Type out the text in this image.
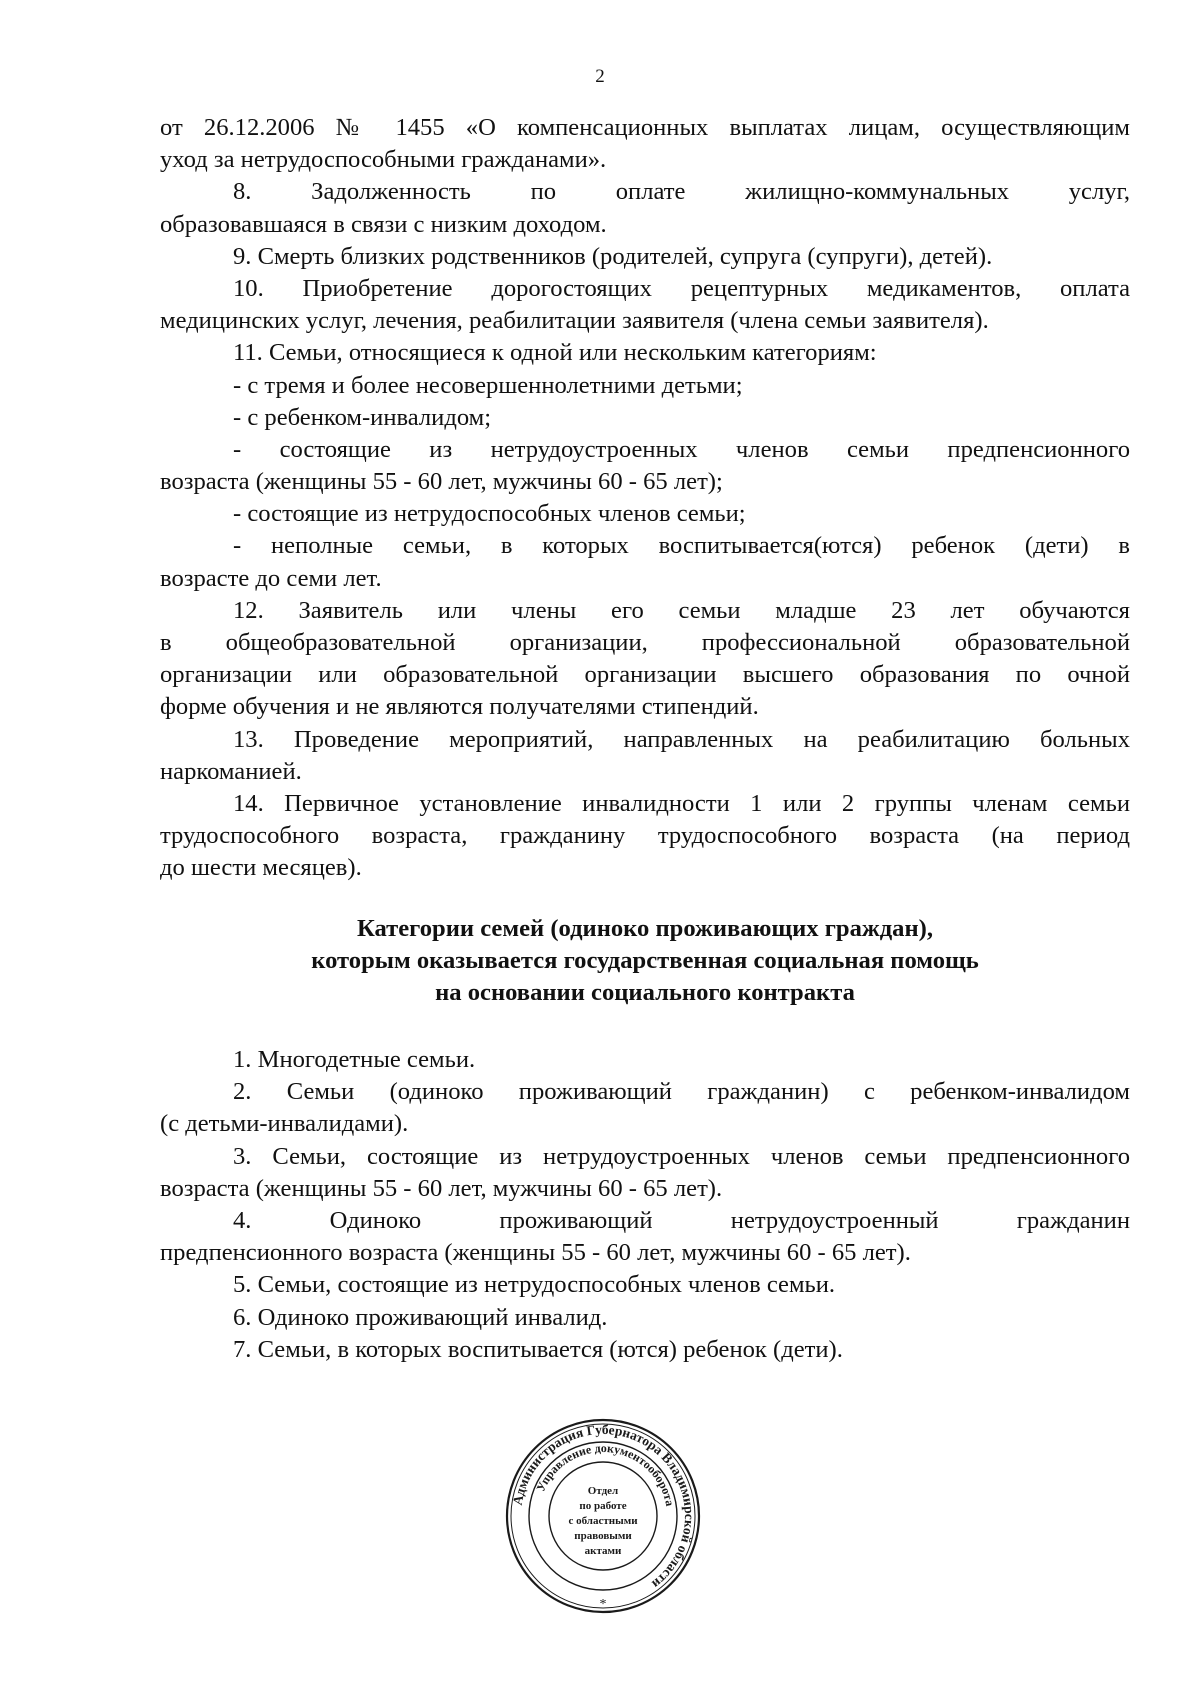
2
от 26.12.2006 № 1455 «О компенсационных выплатах лицам, осуществляющим
уход за нетрудоспособными гражданами».
8. Задолженность по оплате жилищно-коммунальных услуг,
образовавшаяся в связи с низким доходом.
9. Смерть близких родственников (родителей, супруга (супруги), детей).
10. Приобретение дорогостоящих рецептурных медикаментов, оплата
медицинских услуг, лечения, реабилитации заявителя (члена семьи заявителя).
11. Семьи, относящиеся к одной или нескольким категориям:
- с тремя и более несовершеннолетними детьми;
- с ребенком-инвалидом;
- состоящие из нетрудоустроенных членов семьи предпенсионного
возраста (женщины 55 - 60 лет, мужчины 60 - 65 лет);
- состоящие из нетрудоспособных членов семьи;
- неполные семьи, в которых воспитывается(ются) ребенок (дети) в
возрасте до семи лет.
12. Заявитель или члены его семьи младше 23 лет обучаются
в общеобразовательной организации, профессиональной образовательной
организации или образовательной организации высшего образования по очной
форме обучения и не являются получателями стипендий.
13. Проведение мероприятий, направленных на реабилитацию больных
наркоманией.
14. Первичное установление инвалидности 1 или 2 группы членам семьи
трудоспособного возраста, гражданину трудоспособного возраста (на период
до шести месяцев).
Категории семей (одиноко проживающих граждан),
которым оказывается государственная социальная помощь
на основании социального контракта
1. Многодетные семьи.
2. Семьи (одиноко проживающий гражданин) с ребенком-инвалидом
(с детьми-инвалидами).
3. Семьи, состоящие из нетрудоустроенных членов семьи предпенсионного
возраста (женщины 55 - 60 лет, мужчины 60 - 65 лет).
4. Одиноко проживающий нетрудоустроенный гражданин
предпенсионного возраста (женщины 55 - 60 лет, мужчины 60 - 65 лет).
5. Семьи, состоящие из нетрудоспособных членов семьи.
6. Одиноко проживающий инвалид.
7. Семьи, в которых воспитывается (ются) ребенок (дети).
Администрация Губернатора Владимирской области
Управление документооборота
Отдел
по работе
с областными
правовыми
актами
*
